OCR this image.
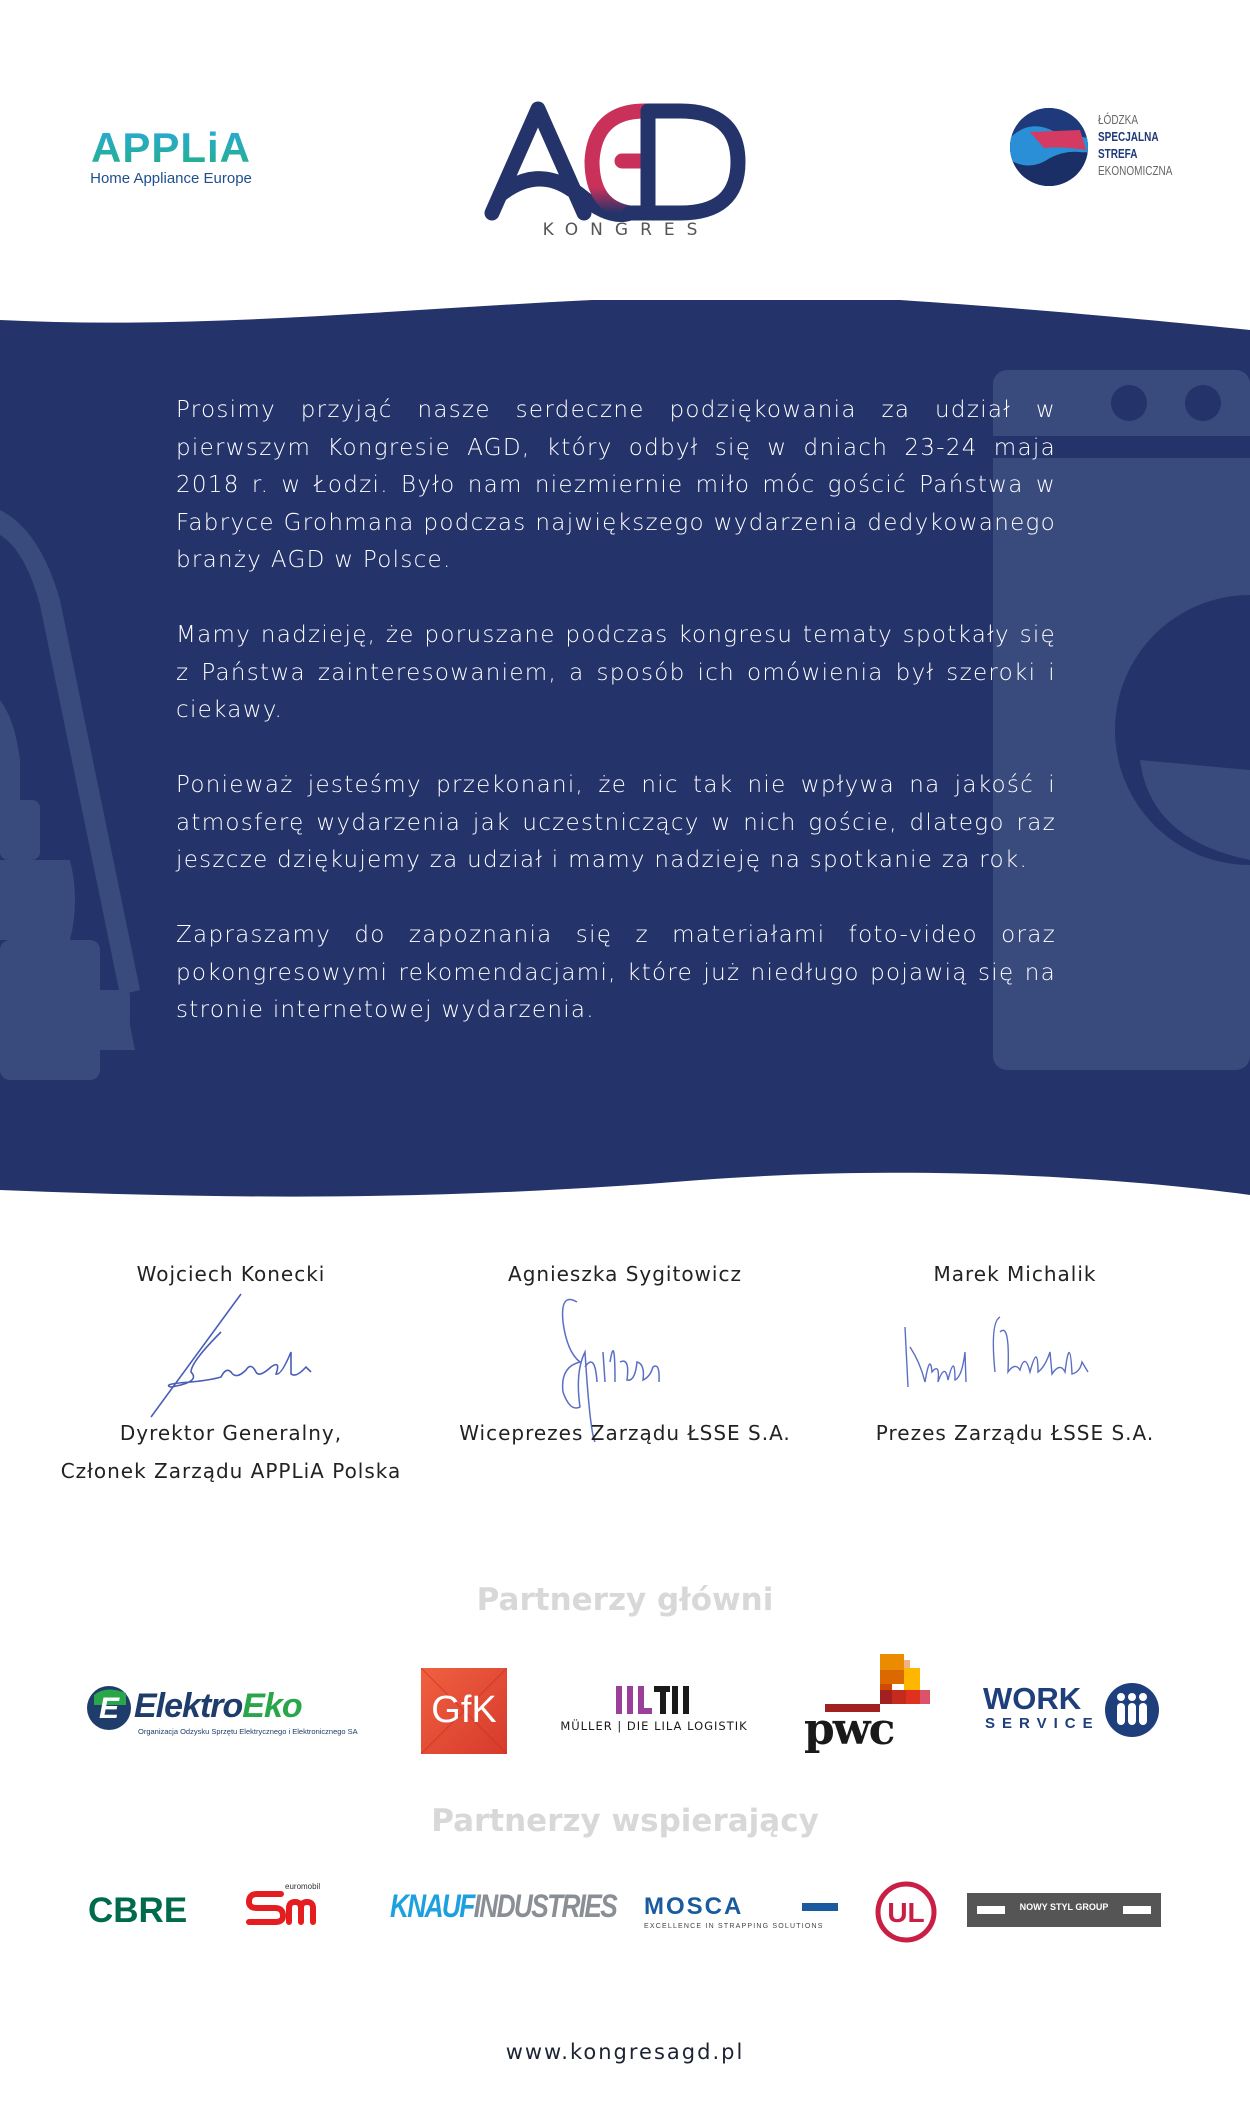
APPLiA
Home Appliance Europe
KONGRES
ŁÓDZKA
SPECJALNA
STREFA
EKONOMICZNA

Prosimy przyjąć nasze serdeczne podziękowania za udział w pierwszym Kongresie AGD, który odbył się w dniach 23-24 maja 2018 r. w Łodzi. Było nam niezmiernie miło móc gościć Państwa w Fabryce Grohmana podczas największego wydarzenia dedykowanego branży AGD w Polsce.

Mamy nadzieję, że poruszane podczas kongresu tematy spotkały się z Państwa zainteresowaniem, a sposób ich omówienia był szeroki i ciekawy.

Ponieważ jesteśmy przekonani, że nic tak nie wpływa na jakość i atmosferę wydarzenia jak uczestniczący w nich goście, dlatego raz jeszcze dziękujemy za udział i mamy nadzieję na spotkanie za rok.

Zapraszamy do zapoznania się z materiałami foto-video oraz pokongresowymi rekomendacjami, które już niedługo pojawią się na stronie internetowej wydarzenia.

Wojciech Konecki
Dyrektor Generalny,
Członek Zarządu APPLiA Polska
Agnieszka Sygitowicz
Wiceprezes Zarządu ŁSSE S.A.
Marek Michalik
Prezes Zarządu ŁSSE S.A.
Partnerzy główni
E ElektroEko
Organizacja Odzysku Sprzętu Elektrycznego i Elektronicznego SA
GfK	MÜLLER | DIE LILA LOGISTIK pwc
WORK
SERVICE
Partnerzy wspierający
CBRE
euromobil
KNAUFINDUSTRIES MOSCA
EXCELLENCE IN STRAPPING SOLUTIONS UL	NOWY STYL GROUP
www.kongresagd.pl
